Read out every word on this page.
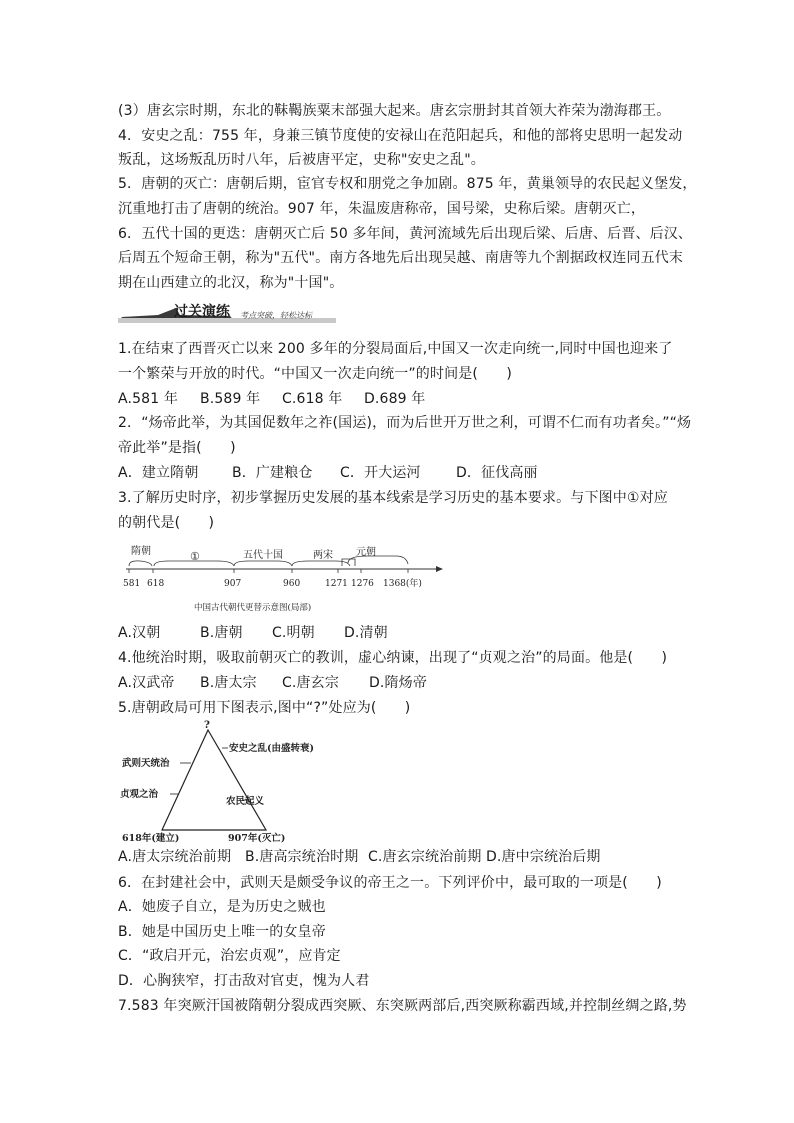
(3）唐玄宗时期，东北的靺鞨族粟末部强大起来。唐玄宗册封其首领大祚荣为渤海郡王。
4．安史之乱：755 年，身兼三镇节度使的安禄山在范阳起兵，和他的部将史思明一起发动
叛乱，这场叛乱历时八年，后被唐平定，史称"安史之乱"。
5．唐朝的灭亡：唐朝后期，宦官专权和朋党之争加剧。875 年，黄巢领导的农民起义堡发，
沉重地打击了唐朝的统治。907 年，朱温废唐称帝，国号梁，史称后梁。唐朝灭亡，
6．五代十国的更迭：唐朝灭亡后 50 多年间，黄河流域先后出现后梁、后唐、后晋、后汉、
后周五个短命王朝，称为"五代"。南方各地先后出现吴越、南唐等九个割据政权连同五代末
期在山西建立的北汉，称为"十国"。
过关演练 考点突破，轻松达标
1.在结束了西晋灭亡以来 200 多年的分裂局面后,中国又一次走向统一,同时中国也迎来了
一个繁荣与开放的时代。“中国又一次走向统一”的时间是(　　)
A.581 年 B.589 年 C.618 年 D.689 年
2．“炀帝此举，为其国促数年之祚(国运)，而为后世开万世之利，可谓不仁而有功者矣。”“炀
帝此举”是指(　　)
A．建立隋朝 B．广建粮仓 C．开大运河	D．征伐高丽
3.了解历史时序，初步掌握历史发展的基本线索是学习历史的基本要求。与下图中①对应
的朝代是(　　)
隋朝	①	五代十国	两宋 元朝
581 618	907	960	1271 1276 1368(年)
中国古代朝代更替示意图(局部)
A.汉朝	B.唐朝 C.明朝 D.清朝
4.他统治时期，吸取前朝灭亡的教训，虚心纳谏，出现了“贞观之治”的局面。他是(　　)
A.汉武帝 B.唐太宗 C.唐玄宗 D.隋炀帝
5.唐朝政局可用下图表示,图中“?”处应为(　　)
?
武则天统治
贞观之治
安史之乱(由盛转衰)
农民起义
618年(建立)	907年(灭亡)
A.唐太宗统治前期 B.唐高宗统治时期 C.唐玄宗统治前期 D.唐中宗统治后期
6．在封建社会中，武则天是颇受争议的帝王之一。下列评价中，最可取的一项是(　　)
A．她废子自立，是为历史之贼也
B．她是中国历史上唯一的女皇帝
C．“政启开元，治宏贞观”，应肯定
D．心胸狭窄，打击敌对官吏，愧为人君
7.583 年突厥汗国被隋朝分裂成西突厥、东突厥两部后,西突厥称霸西域,并控制丝绸之路,势
